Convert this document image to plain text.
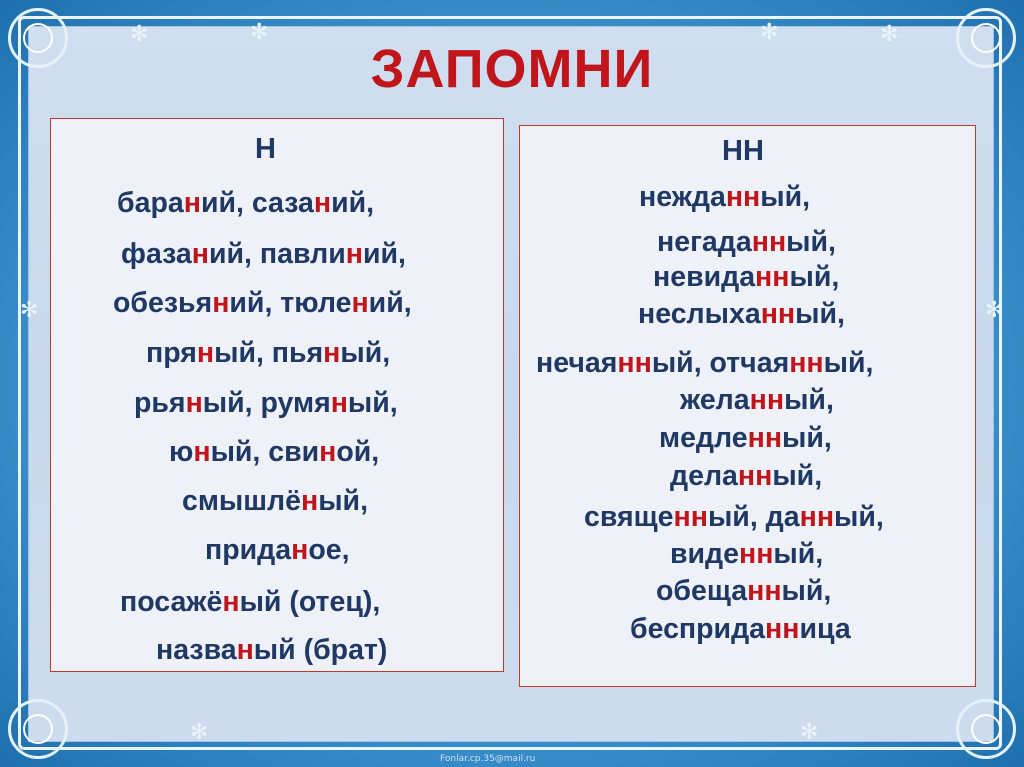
✻	✻	✻	✻
✻	✻
✻	✻
ЗАПОМНИ
Н
бараний, сазаний,
фазаний, павлиний,
обезьяний, тюлений,
пряный, пьяный,
рьяный, румяный,
юный, свиной,
смышлёный,
приданое,
посажёный (отец),
названый (брат)
НН
нежданный,
негаданный,
невиданный,
неслыханный,
нечаянный, отчаянный,
желанный,
медленный,
деланный,
священный, данный,
виденный,
обещанный,
бесприданница
Fonlar.cp.35@mail.ru
